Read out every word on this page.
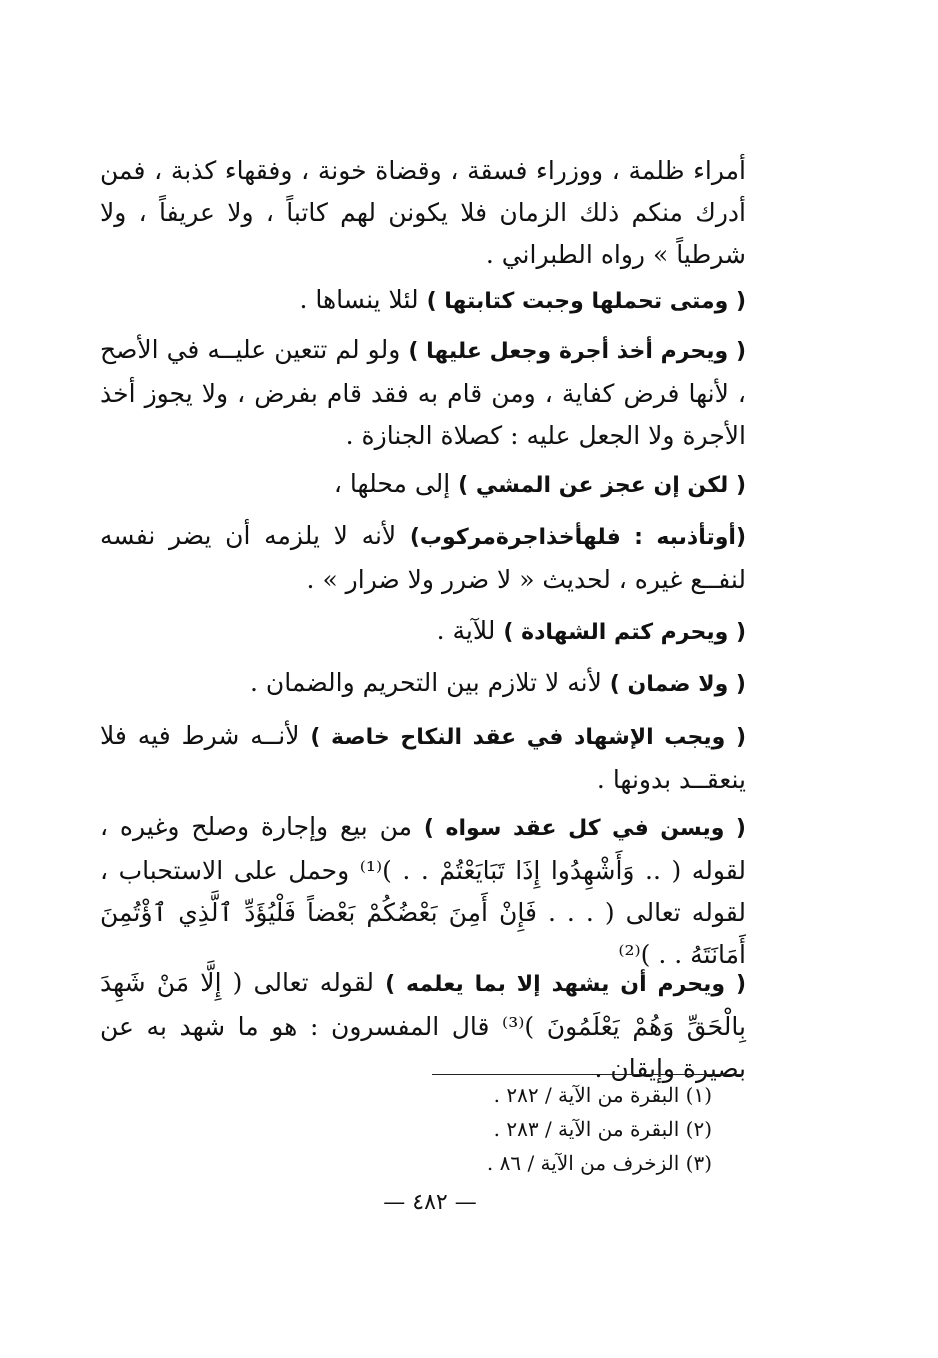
أمراء ظلمة ، ووزراء فسقة ، وقضاة خونة ، وفقهاء كذبة ، فمن أدرك منكم ذلك الزمان فلا يكونن لهم كاتباً ، ولا عريفاً ، ولا شرطياً » رواه الطبراني .
( ومتى تحملها وجبت كتابتها ) لئلا ينساها .
( ويحرم أخذ أجرة وجعل عليها ) ولو لم تتعين عليــه في الأصح ، لأنها فرض كفاية ، ومن قام به فقد قام بفرض ، ولا يجوز أخذ الأجرة ولا الجعل عليه : كصلاة الجنازة .
( لكن إن عجز عن المشي ) إلى محلها ،
(أوتأذىبه : فلهأخذاجرةمركوب) لأنه لا يلزمه أن يضر نفسه لنفــع غيره ، لحديث « لا ضرر ولا ضرار » .
( ويحرم كتم الشهادة ) للآية .
( ولا ضمان ) لأنه لا تلازم بين التحريم والضمان .
( ويجب الإشهاد في عقد النكاح خاصة ) لأنــه شرط فيه فلا ينعقــد بدونها .
( ويسن في كل عقد سواه ) من بيع وإجارة وصلح وغيره ، لقوله ( .. وَأَشْهِدُوا إِذَا تَبَايَعْتُمْ . . )⁽¹⁾ وحمل على الاستحباب ، لقوله تعالى ( . . . فَإِنْ أَمِنَ بَعْضُكُمْ بَعْضاً فَلْيُؤَدِّ ٱلَّذِي ٱؤْتُمِنَ أَمَانَتَهُ . . )⁽²⁾
( ويحرم أن يشهد إلا بما يعلمه ) لقوله تعالى ( إِلَّا مَنْ شَهِدَ بِالْحَقِّ وَهُمْ يَعْلَمُونَ )⁽³⁾ قال المفسرون : هو ما شهد به عن بصيرة وإيقان .
(١) البقرة من الآية / ٢٨٢ .
(٢) البقرة من الآية / ٢٨٣ .
(٣) الزخرف من الآية / ٨٦ .
— ٤٨٢ —
